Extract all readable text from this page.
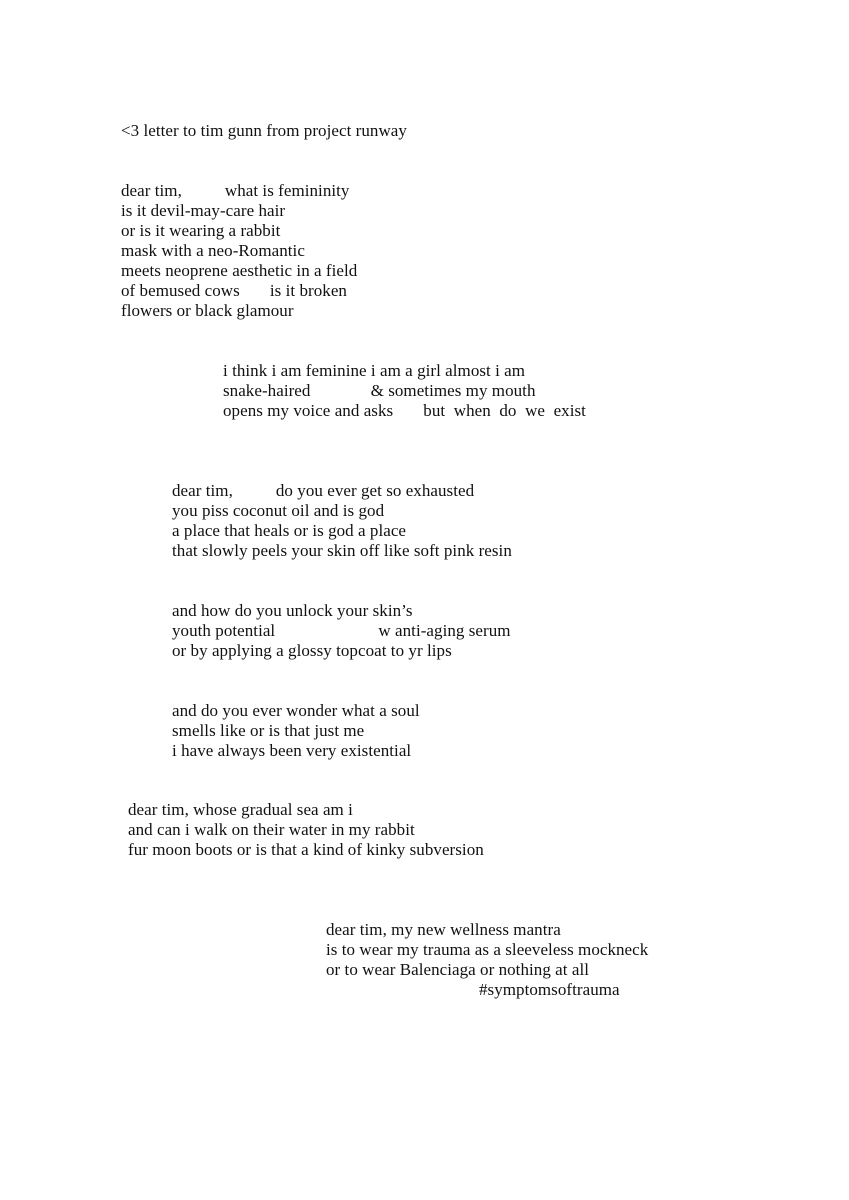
<3 letter to tim gunn from project runway
dear tim,          what is femininity
is it devil-may-care hair
or is it wearing a rabbit
mask with a neo-Romantic
meets neoprene aesthetic in a field
of bemused cows       is it broken
flowers or black glamour
i think i am feminine i am a girl almost i am
snake-haired              & sometimes my mouth
opens my voice and asks       but  when  do  we  exist
dear tim,          do you ever get so exhausted
you piss coconut oil and is god
a place that heals or is god a place
that slowly peels your skin off like soft pink resin
and how do you unlock your skin’s
youth potential                        w anti-aging serum
or by applying a glossy topcoat to yr lips
and do you ever wonder what a soul
smells like or is that just me
i have always been very existential
dear tim, whose gradual sea am i
and can i walk on their water in my rabbit
fur moon boots or is that a kind of kinky subversion
dear tim, my new wellness mantra
is to wear my trauma as a sleeveless mockneck
or to wear Balenciaga or nothing at all
#symptomsoftrauma
